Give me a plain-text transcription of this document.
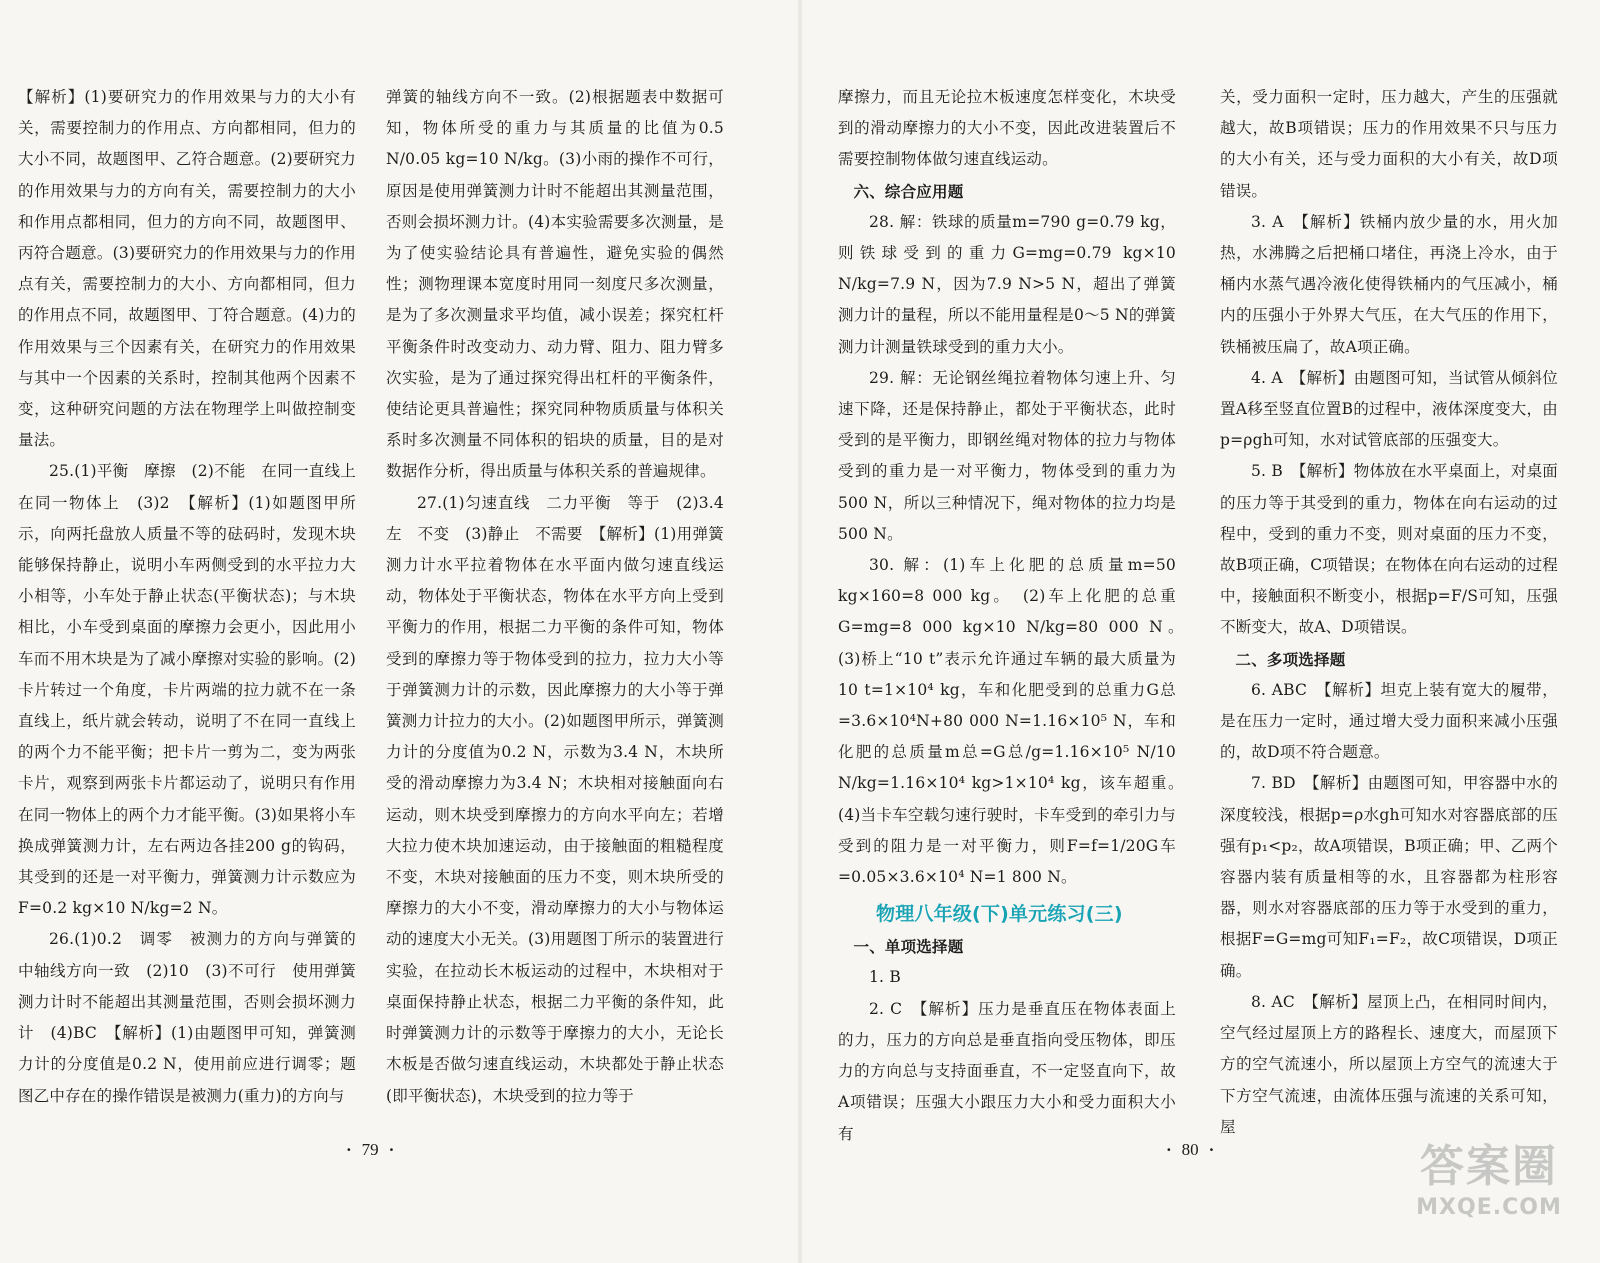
【解析】(1)要研究力的作用效果与力的大小有关，需要控制力的作用点、方向都相同，但力的大小不同，故题图甲、乙符合题意。(2)要研究力的作用效果与力的方向有关，需要控制力的大小和作用点都相同，但力的方向不同，故题图甲、丙符合题意。(3)要研究力的作用效果与力的作用点有关，需要控制力的大小、方向都相同，但力的作用点不同，故题图甲、丁符合题意。(4)力的作用效果与三个因素有关，在研究力的作用效果与其中一个因素的关系时，控制其他两个因素不变，这种研究问题的方法在物理学上叫做控制变量法。

25.(1)平衡　摩擦　(2)不能　在同一直线上　在同一物体上　(3)2　【解析】(1)如题图甲所示，向两托盘放人质量不等的砝码时，发现木块能够保持静止，说明小车两侧受到的水平拉力大小相等，小车处于静止状态(平衡状态)；与木块相比，小车受到桌面的摩擦力会更小，因此用小车而不用木块是为了减小摩擦对实验的影响。(2)卡片转过一个角度，卡片两端的拉力就不在一条直线上，纸片就会转动，说明了不在同一直线上的两个力不能平衡；把卡片一剪为二，变为两张卡片，观察到两张卡片都运动了，说明只有作用在同一物体上的两个力才能平衡。(3)如果将小车换成弹簧测力计，左右两边各挂200 g的钩码，其受到的还是一对平衡力，弹簧测力计示数应为F=0.2 kg×10 N/kg=2 N。

26.(1)0.2　调零　被测力的方向与弹簧的中轴线方向一致　(2)10　(3)不可行　使用弹簧测力计时不能超出其测量范围，否则会损坏测力计　(4)BC　【解析】(1)由题图甲可知，弹簧测力计的分度值是0.2 N，使用前应进行调零；题图乙中存在的操作错误是被测力(重力)的方向与

弹簧的轴线方向不一致。(2)根据题表中数据可知，物体所受的重力与其质量的比值为0.5 N/0.05 kg=10 N/kg。(3)小雨的操作不可行，原因是使用弹簧测力计时不能超出其测量范围，否则会损坏测力计。(4)本实验需要多次测量，是为了使实验结论具有普遍性，避免实验的偶然性；测物理课本宽度时用同一刻度尺多次测量，是为了多次测量求平均值，减小误差；探究杠杆平衡条件时改变动力、动力臂、阻力、阻力臂多次实验，是为了通过探究得出杠杆的平衡条件，使结论更具普遍性；探究同种物质质量与体积关系时多次测量不同体积的铝块的质量，目的是对数据作分析，得出质量与体积关系的普遍规律。

27.(1)匀速直线　二力平衡　等于　(2)3.4　左　不变　(3)静止　不需要　【解析】(1)用弹簧测力计水平拉着物体在水平面内做匀速直线运动，物体处于平衡状态，物体在水平方向上受到平衡力的作用，根据二力平衡的条件可知，物体受到的摩擦力等于物体受到的拉力，拉力大小等于弹簧测力计的示数，因此摩擦力的大小等于弹簧测力计拉力的大小。(2)如题图甲所示，弹簧测力计的分度值为0.2 N，示数为3.4 N，木块所受的滑动摩擦力为3.4 N；木块相对接触面向右运动，则木块受到摩擦力的方向水平向左；若增大拉力使木块加速运动，由于接触面的粗糙程度不变，木块对接触面的压力不变，则木块所受的摩擦力的大小不变，滑动摩擦力的大小与物体运动的速度大小无关。(3)用题图丁所示的装置进行实验，在拉动长木板运动的过程中，木块相对于桌面保持静止状态，根据二力平衡的条件知，此时弹簧测力计的示数等于摩擦力的大小，无论长木板是否做匀速直线运动，木块都处于静止状态(即平衡状态)，木块受到的拉力等于

· 79 ·

摩擦力，而且无论拉木板速度怎样变化，木块受到的滑动摩擦力的大小不变，因此改进装置后不需要控制物体做匀速直线运动。

六、综合应用题

28. 解：铁球的质量m=790 g=0.79 kg，则铁球受到的重力G=mg=0.79 kg×10 N/kg=7.9 N，因为7.9 N>5 N，超出了弹簧测力计的量程，所以不能用量程是0～5 N的弹簧测力计测量铁球受到的重力大小。

29. 解：无论钢丝绳拉着物体匀速上升、匀速下降，还是保持静止，都处于平衡状态，此时受到的是平衡力，即钢丝绳对物体的拉力与物体受到的重力是一对平衡力，物体受到的重力为500 N，所以三种情况下，绳对物体的拉力均是500 N。

30. 解：(1)车上化肥的总质量m=50 kg×160=8 000 kg。　(2)车上化肥的总重G=mg=8 000 kg×10 N/kg=80 000 N。　(3)桥上“10 t”表示允许通过车辆的最大质量为10 t=1×10⁴ kg，车和化肥受到的总重力G总=3.6×10⁴N+80 000 N=1.16×10⁵ N，车和化肥的总质量m总=G总/g=1.16×10⁵ N/10 N/kg=1.16×10⁴ kg>1×10⁴ kg，该车超重。　(4)当卡车空载匀速行驶时，卡车受到的牵引力与受到的阻力是一对平衡力，则F=f=1/20G车=0.05×3.6×10⁴ N=1 800 N。

物理八年级(下)单元练习(三)

一、单项选择题

1. B

2. C　【解析】压力是垂直压在物体表面上的力，压力的方向总是垂直指向受压物体，即压力的方向总与支持面垂直，不一定竖直向下，故A项错误；压强大小跟压力大小和受力面积大小有

关，受力面积一定时，压力越大，产生的压强就越大，故B项错误；压力的作用效果不只与压力的大小有关，还与受力面积的大小有关，故D项错误。

3. A　【解析】铁桶内放少量的水，用火加热，水沸腾之后把桶口堵住，再浇上冷水，由于桶内水蒸气遇冷液化使得铁桶内的气压减小，桶内的压强小于外界大气压，在大气压的作用下，铁桶被压扁了，故A项正确。

4. A　【解析】由题图可知，当试管从倾斜位置A移至竖直位置B的过程中，液体深度变大，由p=ρgh可知，水对试管底部的压强变大。

5. B　【解析】物体放在水平桌面上，对桌面的压力等于其受到的重力，物体在向右运动的过程中，受到的重力不变，则对桌面的压力不变，故B项正确，C项错误；在物体在向右运动的过程中，接触面积不断变小，根据p=F/S可知，压强不断变大，故A、D项错误。

二、多项选择题

6. ABC　【解析】坦克上装有宽大的履带，是在压力一定时，通过增大受力面积来减小压强的，故D项不符合题意。

7. BD　【解析】由题图可知，甲容器中水的深度较浅，根据p=ρ水gh可知水对容器底部的压强有p₁<p₂，故A项错误，B项正确；甲、乙两个容器内装有质量相等的水，且容器都为柱形容器，则水对容器底部的压力等于水受到的重力，根据F=G=mg可知F₁=F₂，故C项错误，D项正确。

8. AC　【解析】屋顶上凸，在相同时间内，空气经过屋顶上方的路程长、速度大，而屋顶下方的空气流速小，所以屋顶上方空气的流速大于下方空气流速，由流体压强与流速的关系可知，屋

· 80 ·	答案圈
MXQE.COM
